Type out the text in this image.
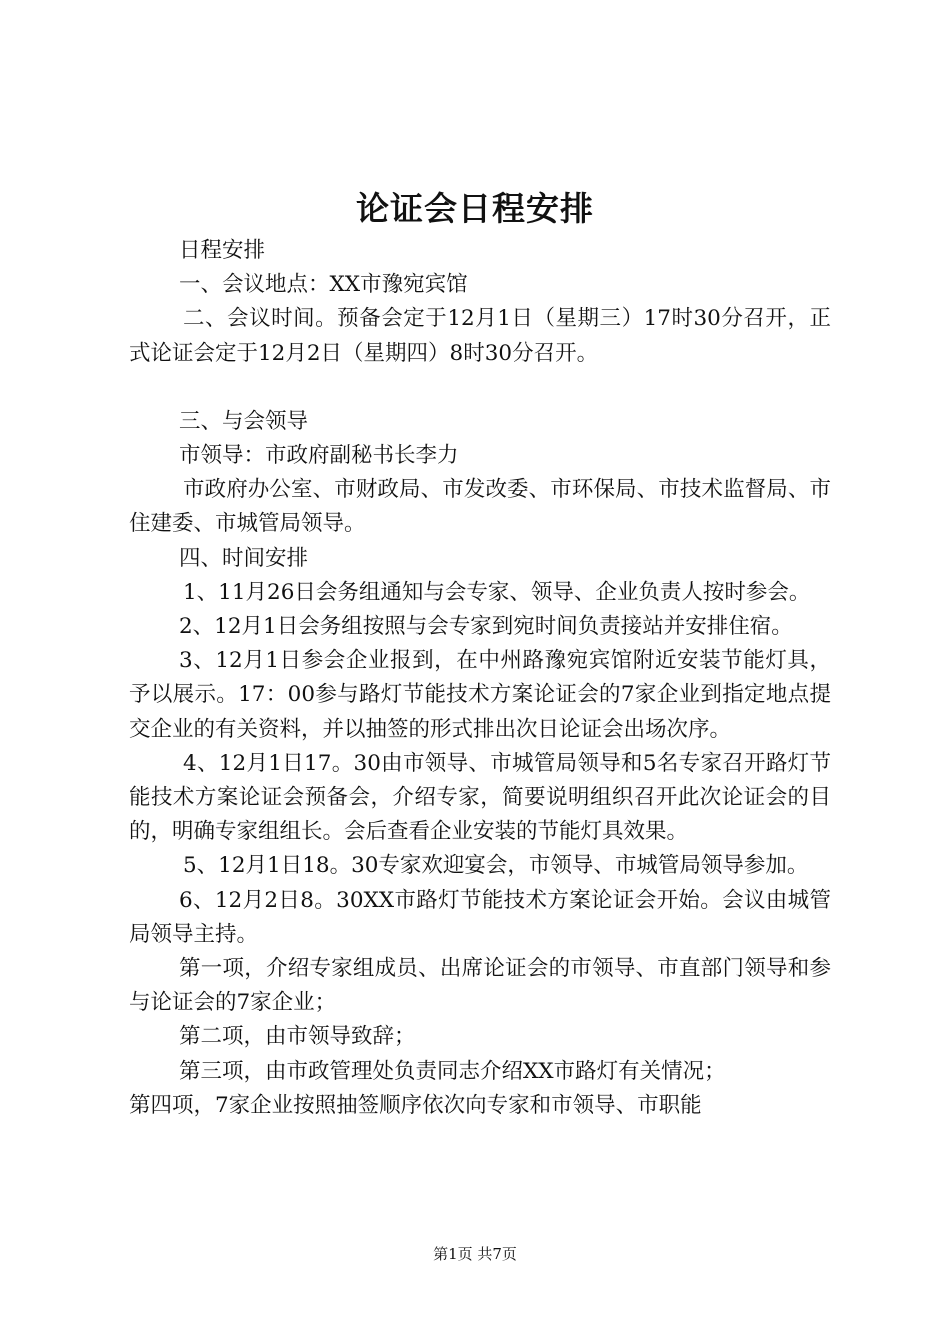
论证会日程安排

日程安排

一、会议地点：XX市豫宛宾馆

二、会议时间。预备会定于12月1日（星期三）17时30分召开，正式论证会定于12月2日（星期四）8时30分召开。

三、与会领导

市领导：市政府副秘书长李力

市政府办公室、市财政局、市发改委、市环保局、市技术监督局、市住建委、市城管局领导。

四、时间安排

1、11月26日会务组通知与会专家、领导、企业负责人按时参会。

2、12月1日会务组按照与会专家到宛时间负责接站并安排住宿。

3、12月1日参会企业报到，在中州路豫宛宾馆附近安装节能灯具，予以展示。17：00参与路灯节能技术方案论证会的7家企业到指定地点提交企业的有关资料，并以抽签的形式排出次日论证会出场次序。

4、12月1日17。30由市领导、市城管局领导和5名专家召开路灯节能技术方案论证会预备会，介绍专家，简要说明组织召开此次论证会的目的，明确专家组组长。会后查看企业安装的节能灯具效果。

5、12月1日18。30专家欢迎宴会，市领导、市城管局领导参加。

6、12月2日8。30XX市路灯节能技术方案论证会开始。会议由城管局领导主持。

第一项，介绍专家组成员、出席论证会的市领导、市直部门领导和参与论证会的7家企业；

第二项，由市领导致辞；

第三项，由市政管理处负责同志介绍XX市路灯有关情况；

第四项，7家企业按照抽签顺序依次向专家和市领导、市职能

第1页 共7页
